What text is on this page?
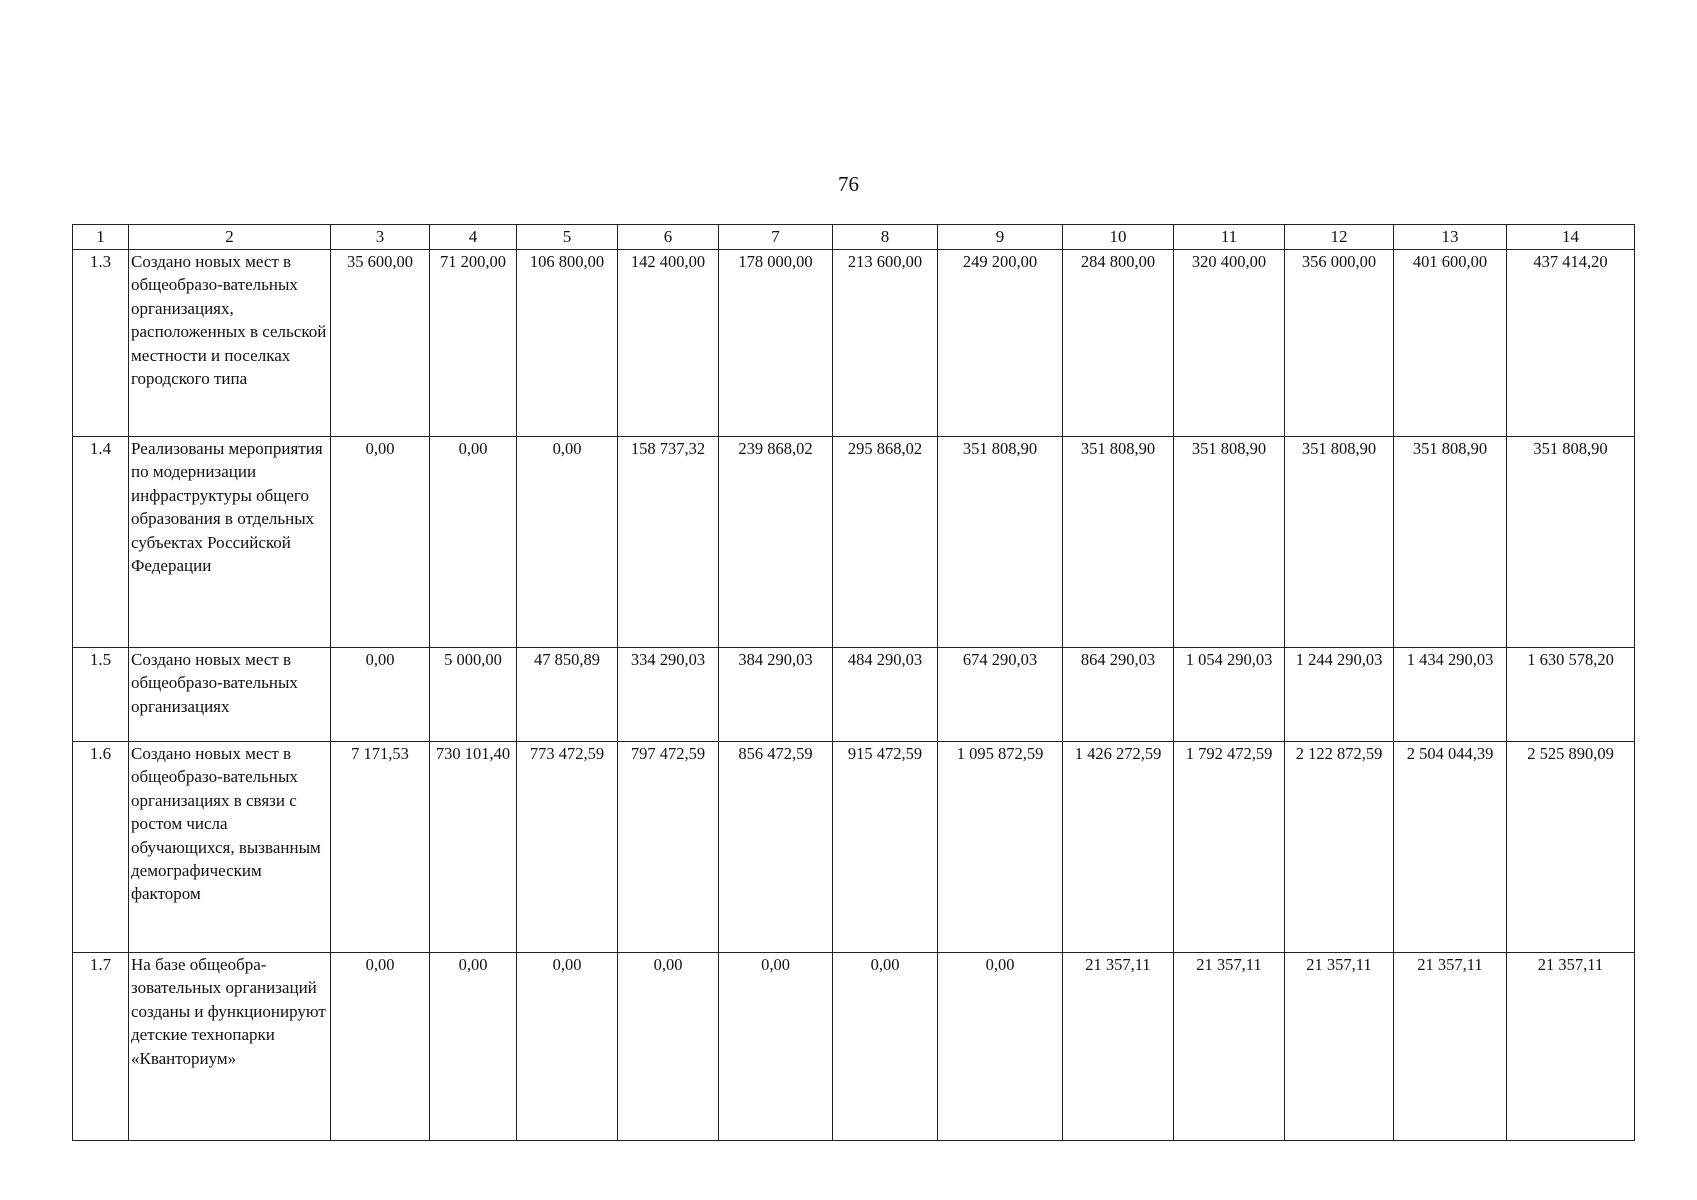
76
1	2	3	4	5	6	7	8	9	10	11	12	13	14
1.3	Создано новых мест в общеобразо-вательных организациях, расположенных в сельской местности и поселках городского типа	35 600,00	71 200,00	106 800,00	142 400,00	178 000,00	213 600,00	249 200,00	284 800,00	320 400,00	356 000,00	401 600,00	437 414,20
1.4	Реализованы мероприятия по модернизации инфраструктуры общего образования в отдельных субъектах Российской Федерации	0,00	0,00	0,00	158 737,32	239 868,02	295 868,02	351 808,90	351 808,90	351 808,90	351 808,90	351 808,90	351 808,90
1.5	Создано новых мест в общеобразо-вательных организациях	0,00	5 000,00	47 850,89	334 290,03	384 290,03	484 290,03	674 290,03	864 290,03	1 054 290,03	1 244 290,03	1 434 290,03	1 630 578,20
1.6	Создано новых мест в общеобразо-вательных организациях в связи с ростом числа обучающихся, вызванным демографическим фактором	7 171,53	730 101,40	773 472,59	797 472,59	856 472,59	915 472,59	1 095 872,59	1 426 272,59	1 792 472,59	2 122 872,59	2 504 044,39	2 525 890,09
1.7	На базе общеобра-зовательных организаций созданы и функционируют детские технопарки «Кванториум»	0,00	0,00	0,00	0,00	0,00	0,00	0,00	21 357,11	21 357,11	21 357,11	21 357,11	21 357,11
